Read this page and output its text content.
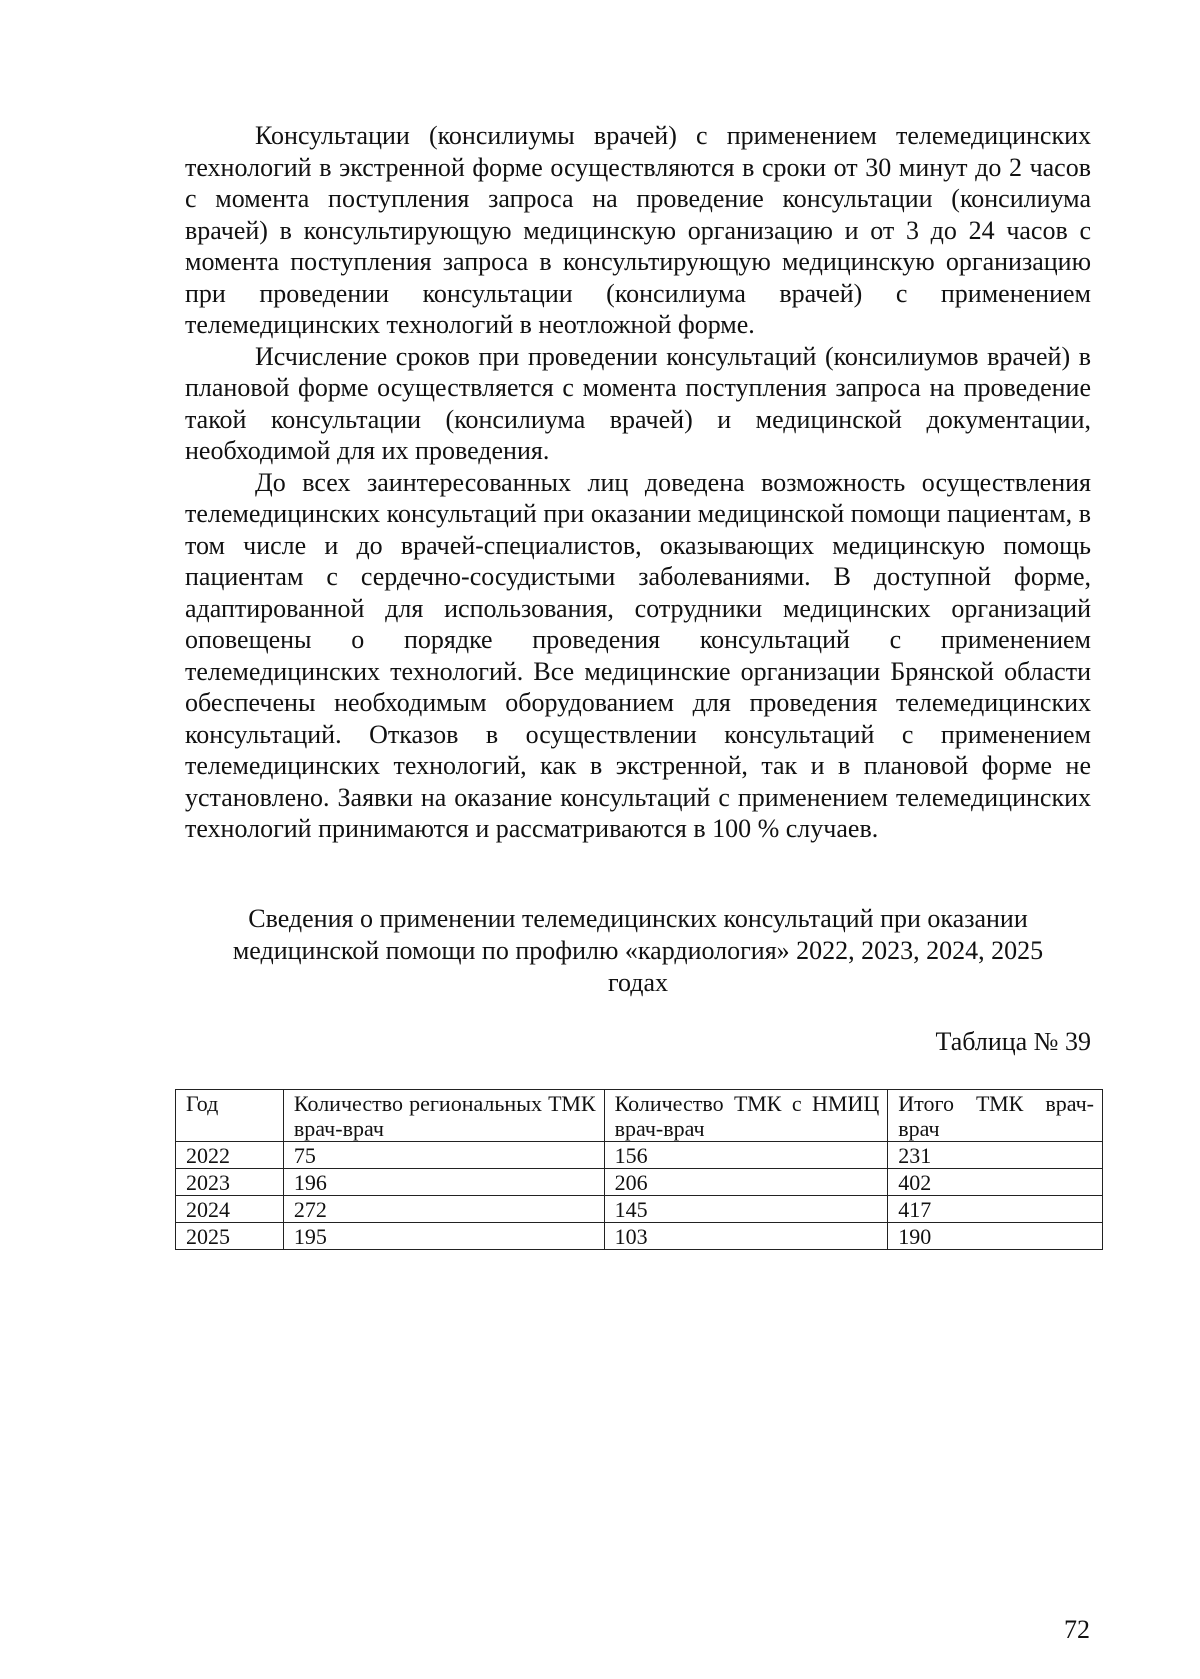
Консультации (консилиумы врачей) с применением телемедицинских технологий в экстренной форме осуществляются в сроки от 30 минут до 2 часов с момента поступления запроса на проведение консультации (консилиума врачей) в консультирующую медицинскую организацию и от 3 до 24 часов с момента поступления запроса в консультирующую медицинскую организацию при проведении консультации (консилиума врачей) с применением телемедицинских технологий в неотложной форме.

Исчисление сроков при проведении консультаций (консилиумов врачей) в плановой форме осуществляется с момента поступления запроса на проведение такой консультации (консилиума врачей) и медицинской документации, необходимой для их проведения.

До всех заинтересованных лиц доведена возможность осуществления телемедицинских консультаций при оказании медицинской помощи пациентам, в том числе и до врачей-специалистов, оказывающих медицинскую помощь пациентам с сердечно-сосудистыми заболеваниями. В доступной форме, адаптированной для использования, сотрудники медицинских организаций оповещены о порядке проведения консультаций с применением телемедицинских технологий. Все медицинские организации Брянской области обеспечены необходимым оборудованием для проведения телемедицинских консультаций. Отказов в осуществлении консультаций с применением телемедицинских технологий, как в экстренной, так и в плановой форме не установлено. Заявки на оказание консультаций с применением телемедицинских технологий принимаются и рассматриваются в 100 % случаев.

Сведения о применении телемедицинских консультаций при оказании
медицинской помощи по профилю «кардиология» 2022, 2023, 2024, 2025
годах

Таблица № 39

Год	Количество региональных ТМК врач-врач	Количество ТМК с НМИЦ врач-врач	Итого ТМК врач-врач

2022	75	156	231
2023	196	206	402
2024	272	145	417
2025	195	103	190

72
